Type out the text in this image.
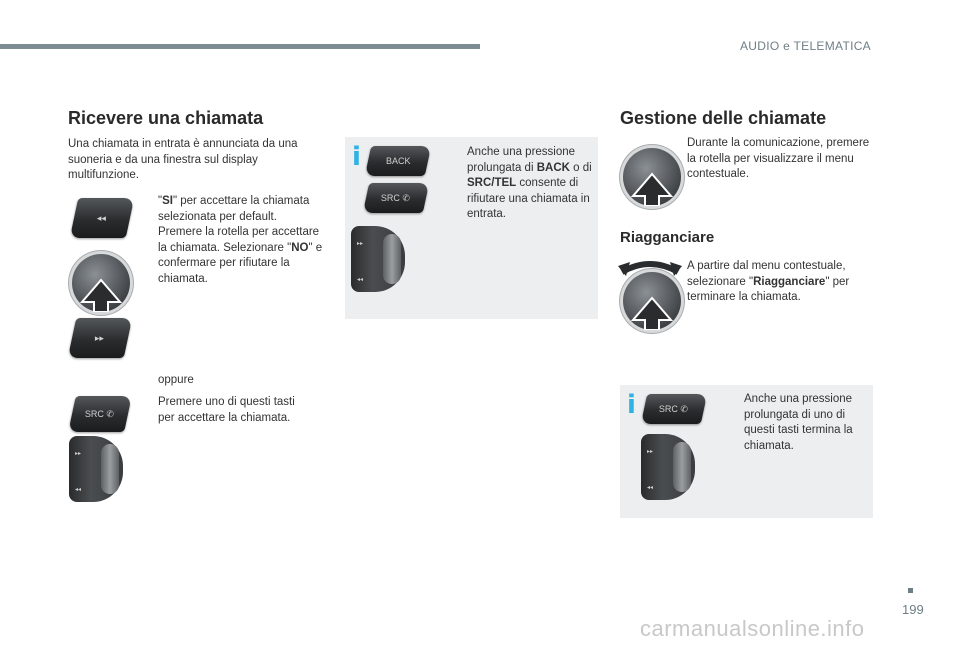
AUDIO e TELEMATICA
Ricevere una chiamata
Una chiamata in entrata è annunciata da una suoneria e da una finestra sul display multifunzione.
◂◂
▸▸
"SI" per accettare la chiamata selezionata per default. Premere la rotella per accettare la chiamata. Selezionare "NO" e confermare per rifiutare la chiamata.
oppure
SRC ✆
Premere uno di questi tasti per accettare la chiamata.
▸▸
◂◂
i	BACK
SRC ✆
▸▸
◂◂
Anche una pressione prolungata di BACK o di SRC/TEL consente di rifiutare una chiamata in entrata.
Gestione delle chiamate
Durante la comunicazione, premere la rotella per visualizzare il menu contestuale.
Riagganciare
A partire dal menu contestuale, selezionare "Riagganciare" per terminare la chiamata.
i	SRC ✆
▸▸
◂◂
Anche una pressione prolungata di uno di questi tasti termina la chiamata.
199
carmanualsonline.info
